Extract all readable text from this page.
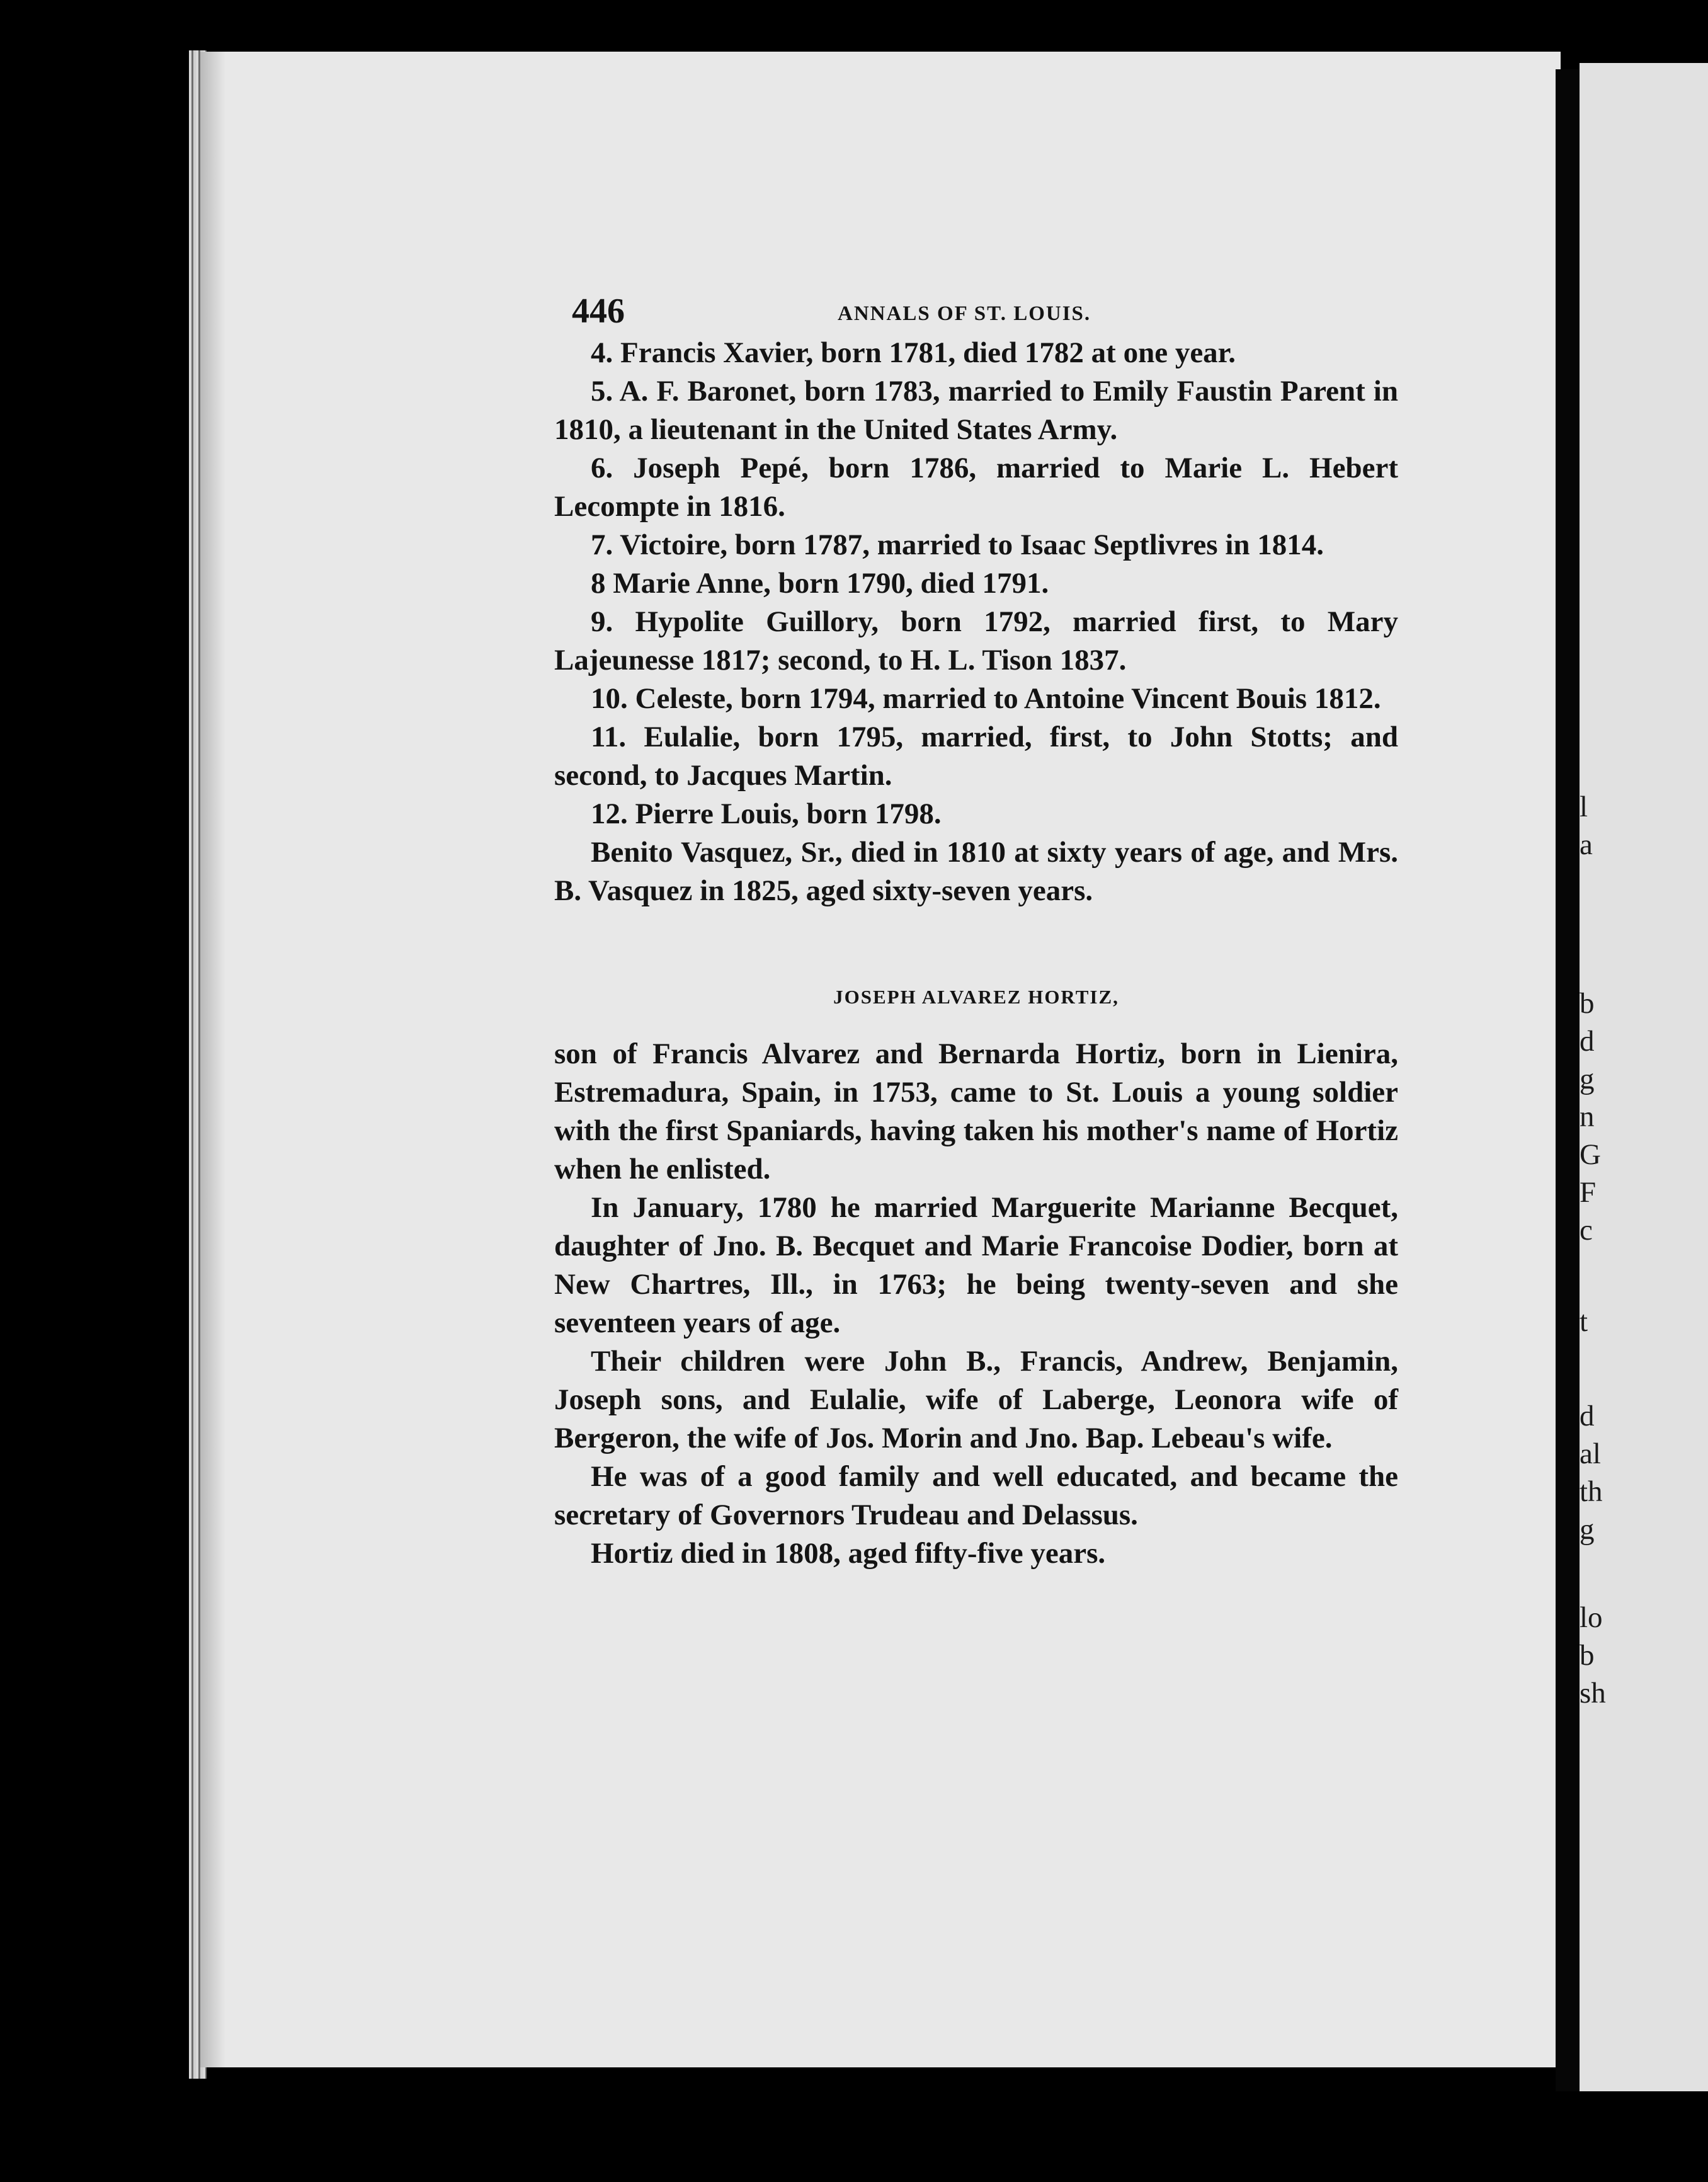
l
a
b
d
g
n
G
F
c
t
d
al
th
g
lo
b
sh
446	ANNALS OF ST. LOUIS.

4. Francis Xavier, born 1781, died 1782 at one year.

5. A. F. Baronet, born 1783, married to Emily Faustin Parent in 1810, a lieutenant in the United States Army.

6. Joseph Pepé, born 1786, married to Marie L. Hebert Lecompte in 1816.

7. Victoire, born 1787, married to Isaac Septlivres in 1814.

8 Marie Anne, born 1790, died 1791.

9. Hypolite Guillory, born 1792, married first, to Mary Lajeunesse 1817; second, to H. L. Tison 1837.

10. Celeste, born 1794, married to Antoine Vincent Bouis 1812.

11. Eulalie, born 1795, married, first, to John Stotts; and second, to Jacques Martin.

12. Pierre Louis, born 1798.

Benito Vasquez, Sr., died in 1810 at sixty years of age, and Mrs. B. Vasquez in 1825, aged sixty-seven years.

JOSEPH ALVAREZ HORTIZ,

son of Francis Alvarez and Bernarda Hortiz, born in Lienira, Estremadura, Spain, in 1753, came to St. Louis a young soldier with the first Spaniards, having taken his mother's name of Hortiz when he enlisted.

In January, 1780 he married Marguerite Marianne Becquet, daughter of Jno. B. Becquet and Marie Francoise Dodier, born at New Chartres, Ill., in 1763; he being twenty-seven and she seventeen years of age.

Their children were John B., Francis, Andrew, Benjamin, Joseph sons, and Eulalie, wife of Laberge, Leonora wife of Bergeron, the wife of Jos. Morin and Jno. Bap. Lebeau's wife.

He was of a good family and well educated, and became the secretary of Governors Trudeau and Delassus.

Hortiz died in 1808, aged fifty-five years.
